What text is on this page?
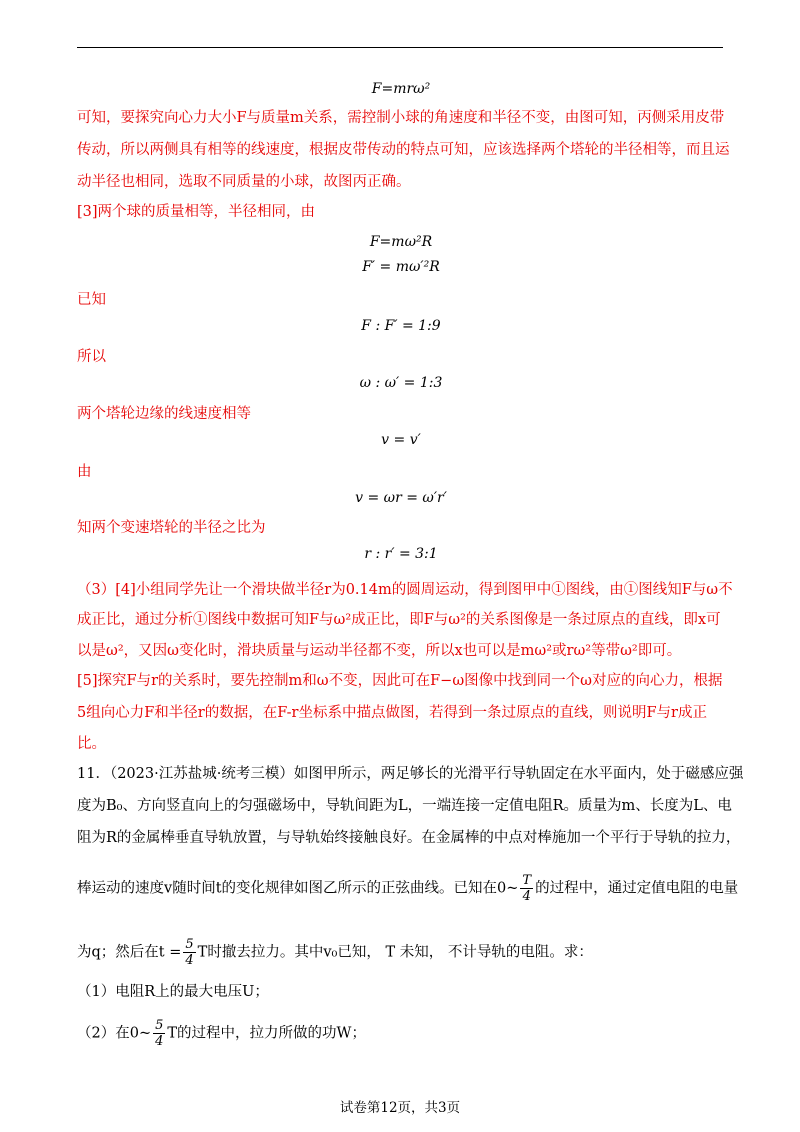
F=mrω²
可知，要探究向心力大小F与质量m关系，需控制小球的角速度和半径不变，由图可知，丙侧采用皮带
传动，所以两侧具有相等的线速度，根据皮带传动的特点可知，应该选择两个塔轮的半径相等，而且运
动半径也相同，选取不同质量的小球，故图丙正确。
[3]两个球的质量相等，半径相同，由
F=mω²R
F′ = mω′²R
已知
F : F′ = 1:9
所以
ω : ω′ = 1:3
两个塔轮边缘的线速度相等
v = v′
由
v = ωr = ω′r′
知两个变速塔轮的半径之比为
r : r′ = 3:1
（3）[4]小组同学先让一个滑块做半径r为0.14m的圆周运动，得到图甲中①图线，由①图线知F与ω不
成正比，通过分析①图线中数据可知F与ω²成正比，即F与ω²的关系图像是一条过原点的直线，即x可
以是ω²，又因ω变化时，滑块质量与运动半径都不变，所以x也可以是mω²或rω²等带ω²即可。
[5]探究F与r的关系时，要先控制m和ω不变，因此可在F−ω图像中找到同一个ω对应的向心力，根据
5组向心力F和半径r的数据，在F-r坐标系中描点做图，若得到一条过原点的直线，则说明F与r成正
比。
11．（2023·江苏盐城·统考三模）如图甲所示，两足够长的光滑平行导轨固定在水平面内，处于磁感应强
度为B₀、方向竖直向上的匀强磁场中，导轨间距为L，一端连接一定值电阻R。质量为m、长度为L、电
阻为R的金属棒垂直导轨放置，与导轨始终接触良好。在金属棒的中点对棒施加一个平行于导轨的拉力，
棒运动的速度v随时间t的变化规律如图乙所示的正弦曲线。已知在0~ $\frac{T}{4}$ 的过程中，通过定值电阻的电量
为q；然后在$t = \frac{5}{4}$ T时撤去拉力。其中v₀已知， T 未知， 不计导轨的电阻。求：
（1）电阻R上的最大电压U；
（2）在0~ $\frac{5}{4}$ T的过程中，拉力所做的功W；
试卷第12页，共3页
